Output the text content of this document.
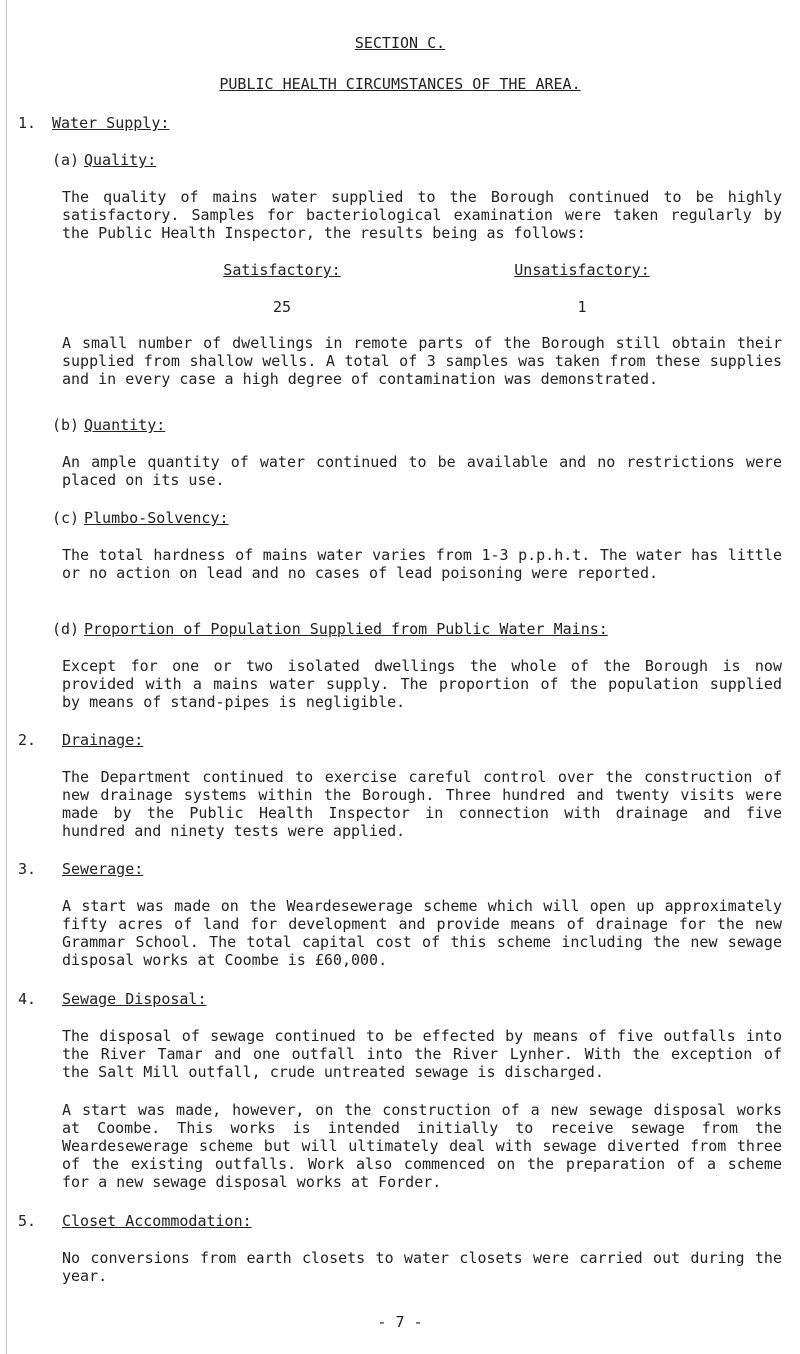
SECTION C.
PUBLIC HEALTH CIRCUMSTANCES OF THE AREA.
1. Water Supply:
(a) Quality:
The quality of mains water supplied to the Borough continued to be highly satisfactory. Samples for bacteriological examination were taken regularly by the Public Health Inspector, the results being as follows:
Satisfactory:	Unsatisfactory:
25	1
A small number of dwellings in remote parts of the Borough still obtain their supplied from shallow wells. A total of 3 samples was taken from these supplies and in every case a high degree of contamination was demonstrated.
(b) Quantity:
An ample quantity of water continued to be available and no restrictions were placed on its use.
(c) Plumbo-Solvency:
The total hardness of mains water varies from 1-3 p.p.h.t. The water has little or no action on lead and no cases of lead poisoning were reported.
(d) Proportion of Population Supplied from Public Water Mains:
Except for one or two isolated dwellings the whole of the Borough is now provided with a mains water supply. The proportion of the population supplied by means of stand-pipes is negligible.
2. Drainage:
The Department continued to exercise careful control over the construction of new drainage systems within the Borough. Three hundred and twenty visits were made by the Public Health Inspector in connection with drainage and five hundred and ninety tests were applied.
3. Sewerage:
A start was made on the Weardesewerage scheme which will open up approximately fifty acres of land for development and provide means of drainage for the new Grammar School. The total capital cost of this scheme including the new sewage disposal works at Coombe is £60,000.
4. Sewage Disposal:
The disposal of sewage continued to be effected by means of five outfalls into the River Tamar and one outfall into the River Lynher. With the exception of the Salt Mill outfall, crude untreated sewage is discharged.
A start was made, however, on the construction of a new sewage disposal works at Coombe. This works is intended initially to receive sewage from the Weardesewerage scheme but will ultimately deal with sewage diverted from three of the existing outfalls. Work also commenced on the preparation of a scheme for a new sewage disposal works at Forder.
5. Closet Accommodation:
No conversions from earth closets to water closets were carried out during the year.
- 7 -
